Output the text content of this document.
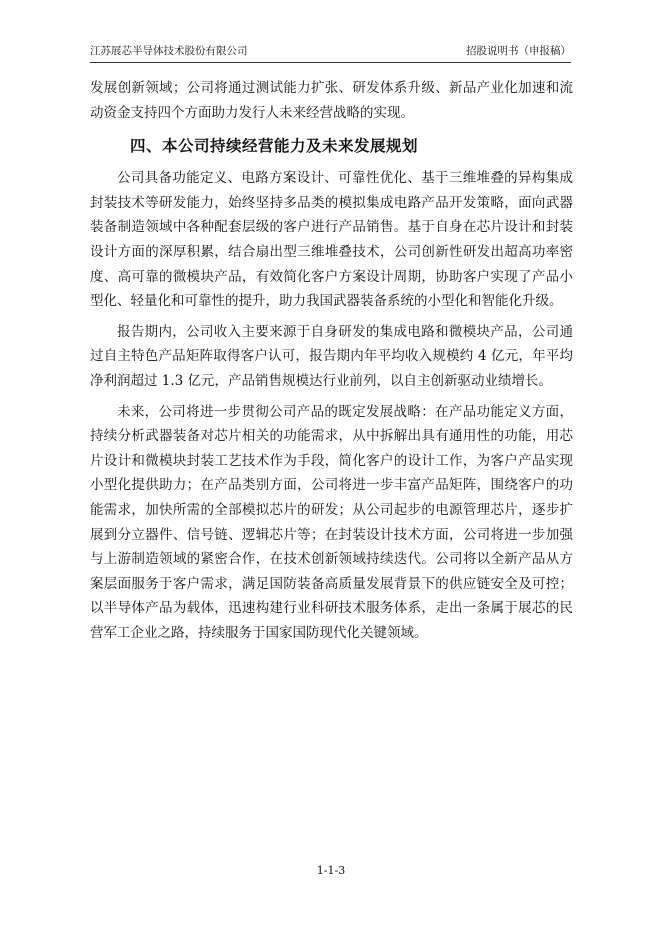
江苏展芯半导体技术股份有限公司	招股说明书（申报稿）

发展创新领域；公司将通过测试能力扩张、研发体系升级、新品产业化加速和流动资金支持四个方面助力发行人未来经营战略的实现。

四、本公司持续经营能力及未来发展规划

公司具备功能定义、电路方案设计、可靠性优化、基于三维堆叠的异构集成封装技术等研发能力，始终坚持多品类的模拟集成电路产品开发策略，面向武器装备制造领域中各种配套层级的客户进行产品销售。基于自身在芯片设计和封装设计方面的深厚积累，结合扇出型三维堆叠技术，公司创新性研发出超高功率密度、高可靠的微模块产品，有效简化客户方案设计周期，协助客户实现了产品小型化、轻量化和可靠性的提升，助力我国武器装备系统的小型化和智能化升级。

报告期内，公司收入主要来源于自身研发的集成电路和微模块产品，公司通过自主特色产品矩阵取得客户认可，报告期内年平均收入规模约 4 亿元，年平均净利润超过 1.3 亿元，产品销售规模达行业前列，以自主创新驱动业绩增长。

未来，公司将进一步贯彻公司产品的既定发展战略：在产品功能定义方面，持续分析武器装备对芯片相关的功能需求，从中拆解出具有通用性的功能，用芯片设计和微模块封装工艺技术作为手段，简化客户的设计工作，为客户产品实现小型化提供助力；在产品类别方面，公司将进一步丰富产品矩阵，围绕客户的功能需求，加快所需的全部模拟芯片的研发；从公司起步的电源管理芯片，逐步扩展到分立器件、信号链、逻辑芯片等；在封装设计技术方面，公司将进一步加强与上游制造领域的紧密合作，在技术创新领域持续迭代。公司将以全新产品从方案层面服务于客户需求，满足国防装备高质量发展背景下的供应链安全及可控；以半导体产品为载体，迅速构建行业科研技术服务体系，走出一条属于展芯的民营军工企业之路，持续服务于国家国防现代化关键领域。

1-1-3
